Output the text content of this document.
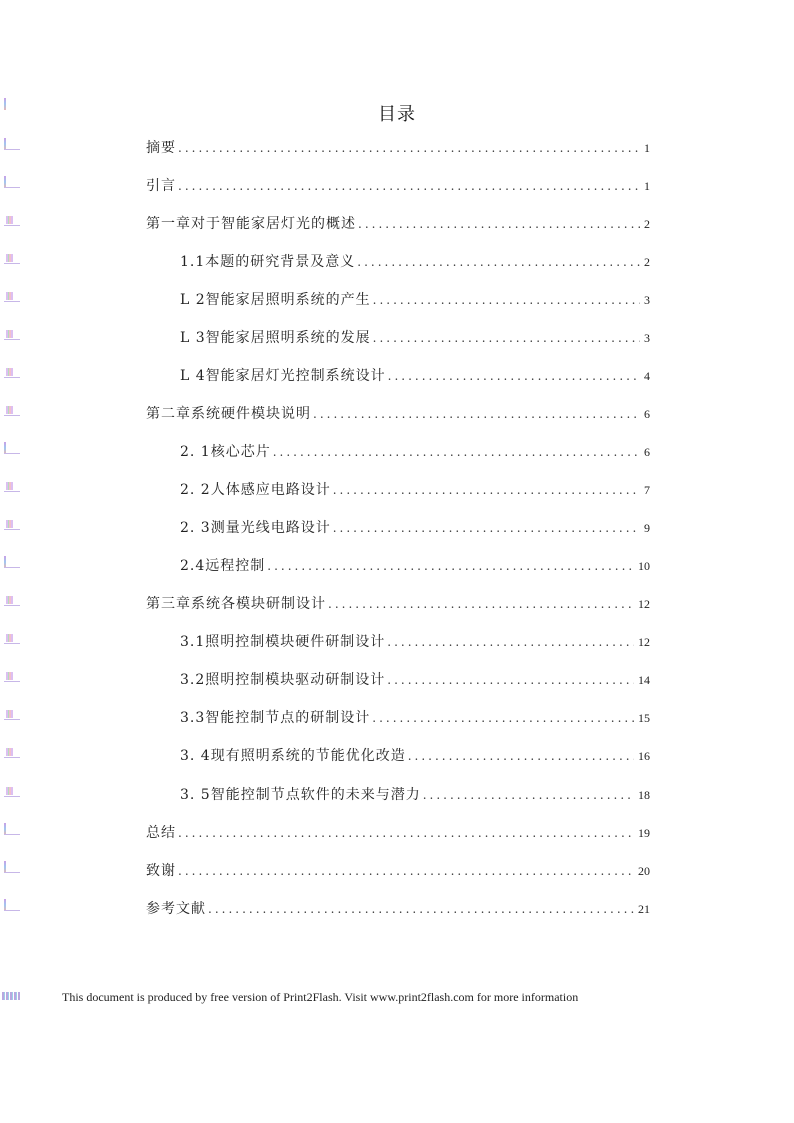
目录
摘要 .....	1
引言 .....	1
第一章对于智能家居灯光的概述 .....	2
1.1本题的研究背景及意义 .....	2
L 2智能家居照明系统的产生 .....	3
L 3智能家居照明系统的发展 .....	3
L 4智能家居灯光控制系统设计 .....	4
第二章系统硬件模块说明 .....	6
2. 1核心芯片 .....	6
2. 2人体感应电路设计 .....	7
2. 3测量光线电路设计 .....	9
2.4远程控制 .....	10
第三章系统各模块研制设计 .....	12
3.1照明控制模块硬件研制设计 .....	12
3.2照明控制模块驱动研制设计 .....	14
3.3智能控制节点的研制设计 .....	15
3. 4现有照明系统的节能优化改造 .....	16
3. 5智能控制节点软件的未来与潜力 .....	18
总结 .....	19
致谢 .....	20
参考文献 .....	21
This document is produced by free version of Print2Flash. Visit www.print2flash.com for more information
